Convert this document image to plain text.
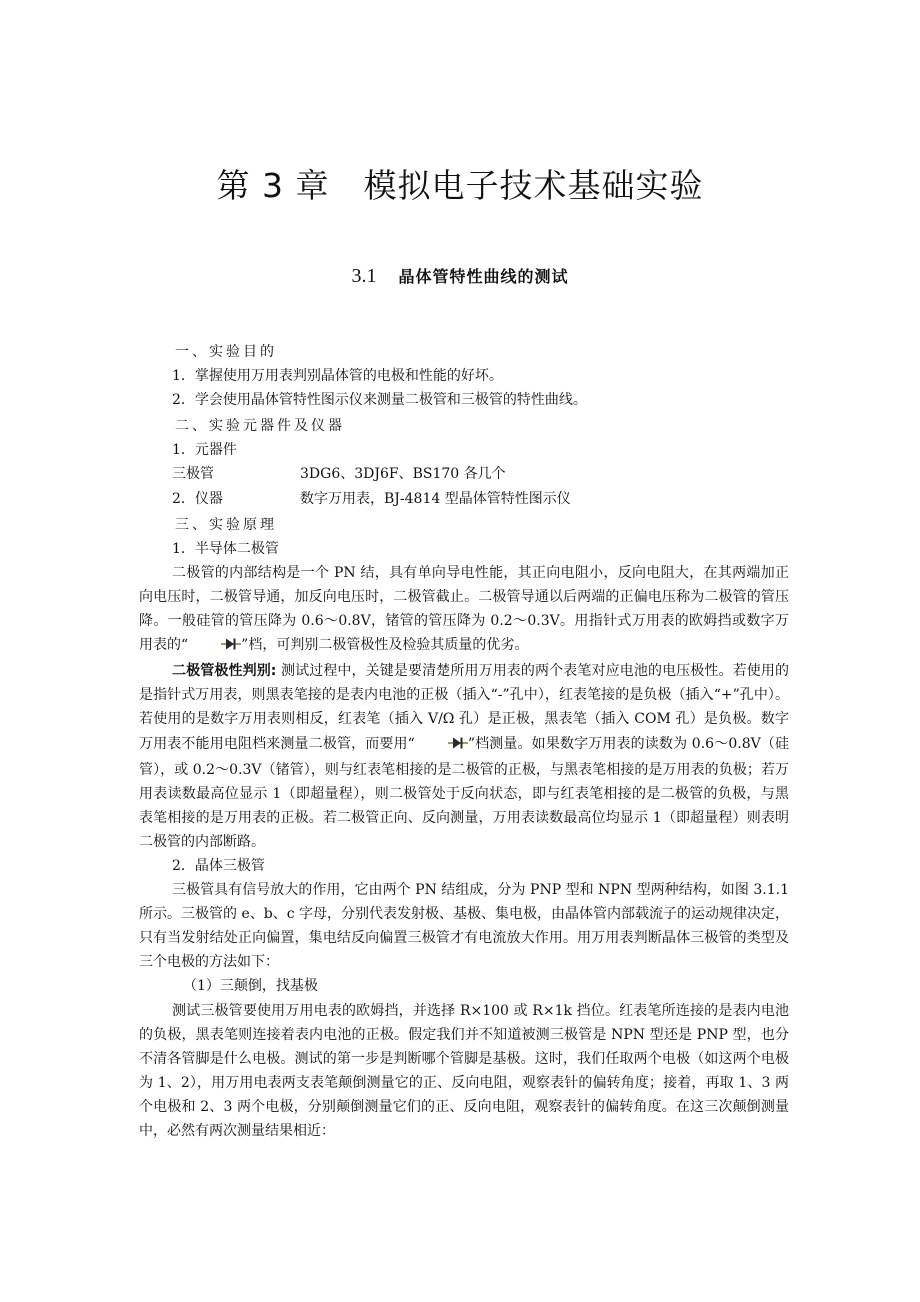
第 3 章　模拟电子技术基础实验
3.1 晶体管特性曲线的测试
一、实验目的
1．掌握使用万用表判别晶体管的电极和性能的好坏。
2．学会使用晶体管特性图示仪来测量二极管和三极管的特性曲线。
二、实验元器件及仪器
1．元器件
三极管	3DG6、3DJ6F、BS170 各几个
2．仪器	数字万用表，BJ-4814 型晶体管特性图示仪
三、实验原理
1．半导体二极管
二极管的内部结构是一个 PN 结，具有单向导电性能，其正向电阻小，反向电阻大，在其两端加正向电压时，二极管导通，加反向电压时，二极管截止。二极管导通以后两端的正偏电压称为二极管的管压降。一般硅管的管压降为 0.6～0.8V，锗管的管压降为 0.2～0.3V。用指针式万用表的欧姆挡或数字万用表的“	”档，可判别二极管极性及检验其质量的优劣。
二极管极性判别: 测试过程中，关键是要清楚所用万用表的两个表笔对应电池的电压极性。若使用的是指针式万用表，则黑表笔接的是表内电池的正极（插入“-”孔中），红表笔接的是负极（插入“+”孔中）。若使用的是数字万用表则相反，红表笔（插入 V/Ω 孔）是正极，黑表笔（插入 COM 孔）是负极。数字万用表不能用电阻档来测量二极管，而要用“	”档测量。如果数字万用表的读数为 0.6～0.8V（硅管），或 0.2～0.3V（锗管），则与红表笔相接的是二极管的正极，与黑表笔相接的是万用表的负极；若万用表读数最高位显示 1（即超量程），则二极管处于反向状态，即与红表笔相接的是二极管的负极，与黑表笔相接的是万用表的正极。若二极管正向、反向测量，万用表读数最高位均显示 1（即超量程）则表明二极管的内部断路。
2．晶体三极管
三极管具有信号放大的作用，它由两个 PN 结组成，分为 PNP 型和 NPN 型两种结构，如图 3.1.1 所示。三极管的 e、b、c 字母，分别代表发射极、基极、集电极，由晶体管内部载流子的运动规律决定，只有当发射结处正向偏置，集电结反向偏置三极管才有电流放大作用。用万用表判断晶体三极管的类型及三个电极的方法如下：
（1）三颠倒，找基极
测试三极管要使用万用电表的欧姆挡，并选择 R×100 或 R×1k 挡位。红表笔所连接的是表内电池的负极，黑表笔则连接着表内电池的正极。假定我们并不知道被测三极管是 NPN 型还是 PNP 型，也分不清各管脚是什么电极。测试的第一步是判断哪个管脚是基极。这时，我们任取两个电极（如这两个电极为 1、2），用万用电表两支表笔颠倒测量它的正、反向电阻，观察表针的偏转角度；接着，再取 1、3 两个电极和 2、3 两个电极，分别颠倒测量它们的正、反向电阻，观察表针的偏转角度。在这三次颠倒测量中，必然有两次测量结果相近：
